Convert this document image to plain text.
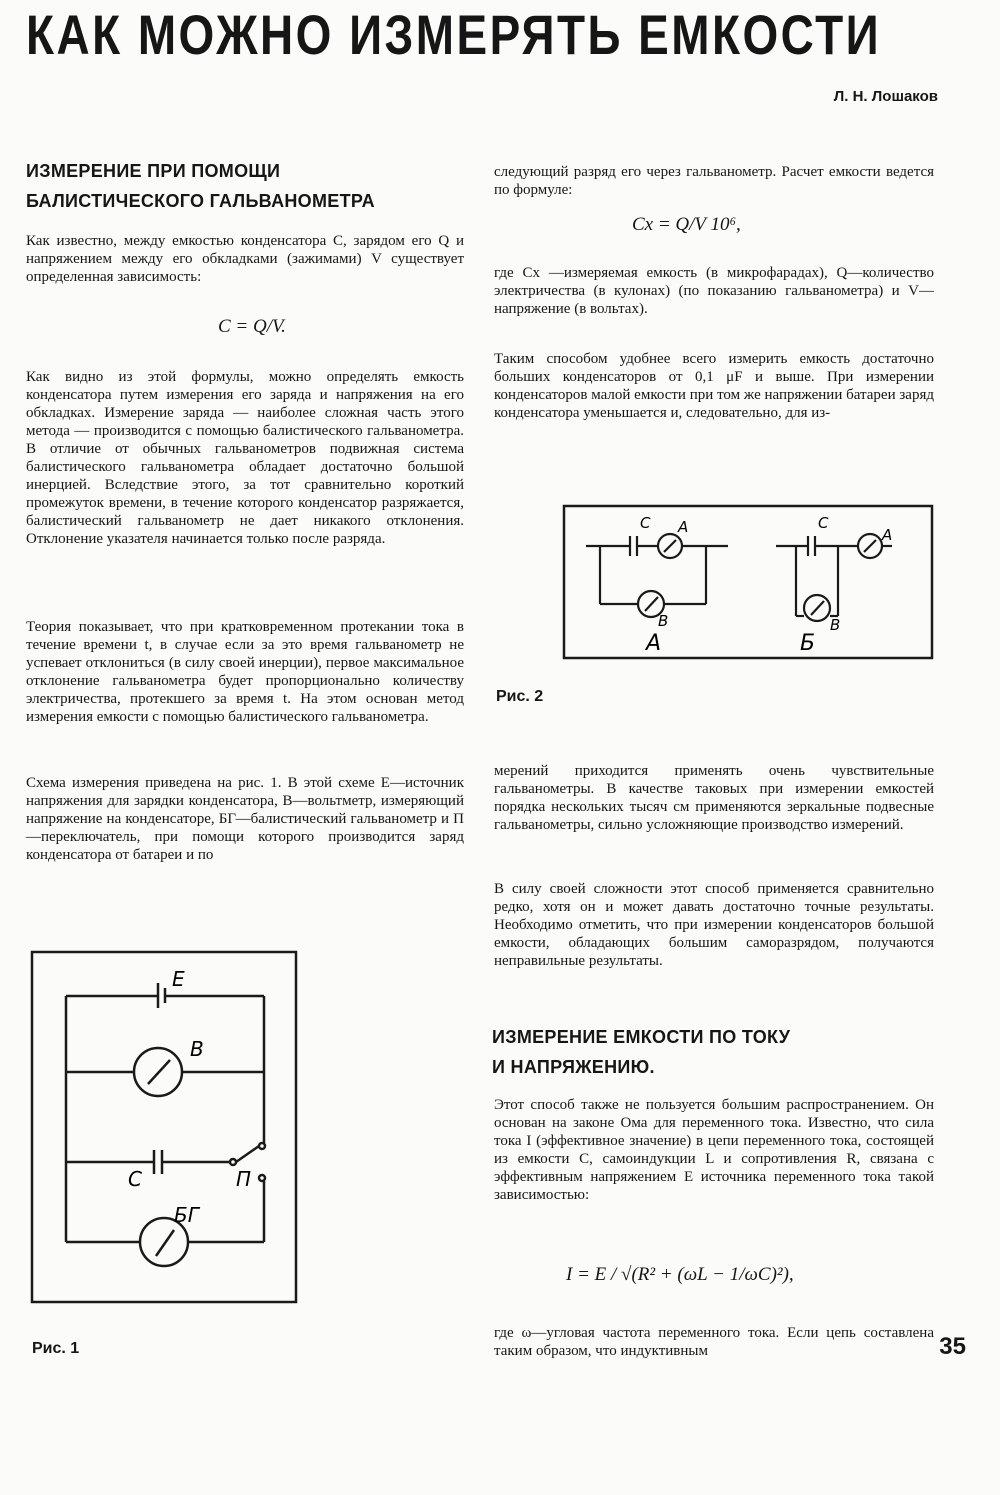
КАК МОЖНО ИЗМЕРЯТЬ ЕМКОСТИ
Л. Н. Лошаков
ИЗМЕРЕНИЕ ПРИ ПОМОЩИ
БАЛИСТИЧЕСКОГО ГАЛЬВАНОМЕТРА

Как известно, между емкостью конденсатора C, зарядом его Q и напряжением между его обкладками (зажимами) V существует определенная зависимость:

C = Q/V.

Как видно из этой формулы, можно определять емкость конденсатора путем измерения его заряда и напряжения на его обкладках. Измерение заряда — наиболее сложная часть этого метода — производится с помощью балистического гальванометра. В отличие от обычных гальванометров подвижная система балистического гальванометра обладает достаточно большой инерцией. Вследствие этого, за тот сравнительно короткий промежуток времени, в течение которого конденсатор разряжается, балистический гальванометр не дает никакого отклонения. Отклонение указателя начинается только после разряда.

Теория показывает, что при кратковременном протекании тока в течение времени t, в случае если за это время гальванометр не успевает отклониться (в силу своей инерции), первое максимальное отклонение гальванометра будет пропорционально количеству электричества, протекшего за время t. На этом основан метод измерения емкости с помощью балистического гальванометра.

Схема измерения приведена на рис. 1. В этой схеме E—источник напряжения для зарядки конденсатора, B—вольтметр, измеряющий напряжение на конденсаторе, БГ—балистический гальванометр и П—переключатель, при помощи которого производится заряд конденсатора от батареи и по

E
B
C	П
БГ
Рис. 1

следующий разряд его через гальванометр. Расчет емкости ведется по формуле:

Cx = Q/V 10⁶,

где Cx —измеряемая емкость (в микрофарадах), Q—количество электричества (в кулонах) (по показанию гальванометра) и V—напряжение (в вольтах).

Таким способом удобнее всего измерить емкость достаточно больших конденсаторов от 0,1 μF и выше. При измерении конденсаторов малой емкости при том же напряжении батареи заряд конденсатора уменьшается и, следовательно, для из-

C A
B
C
A
B
A	Б
Рис. 2

мерений приходится применять очень чувствительные гальванометры. В качестве таковых при измерении емкостей порядка нескольких тысяч см применяются зеркальные подвесные гальванометры, сильно усложняющие производство измерений.

В силу своей сложности этот способ применяется сравнительно редко, хотя он и может давать достаточно точные результаты. Необходимо отметить, что при измерении конденсаторов большой емкости, обладающих большим саморазрядом, получаются неправильные результаты.

ИЗМЕРЕНИЕ ЕМКОСТИ ПО ТОКУ
И НАПРЯЖЕНИЮ.

Этот способ также не пользуется большим распространением. Он основан на законе Ома для переменного тока. Известно, что сила тока I (эффективное значение) в цепи переменного тока, состоящей из емкости C, самоиндукции L и сопротивления R, связана с эффективным напряжением E источника переменного тока такой зависимостью:

I = E / √(R² + (ωL − 1/ωC)²),

где ω—угловая частота переменного тока. Если цепь составлена таким образом, что индуктивным	35
